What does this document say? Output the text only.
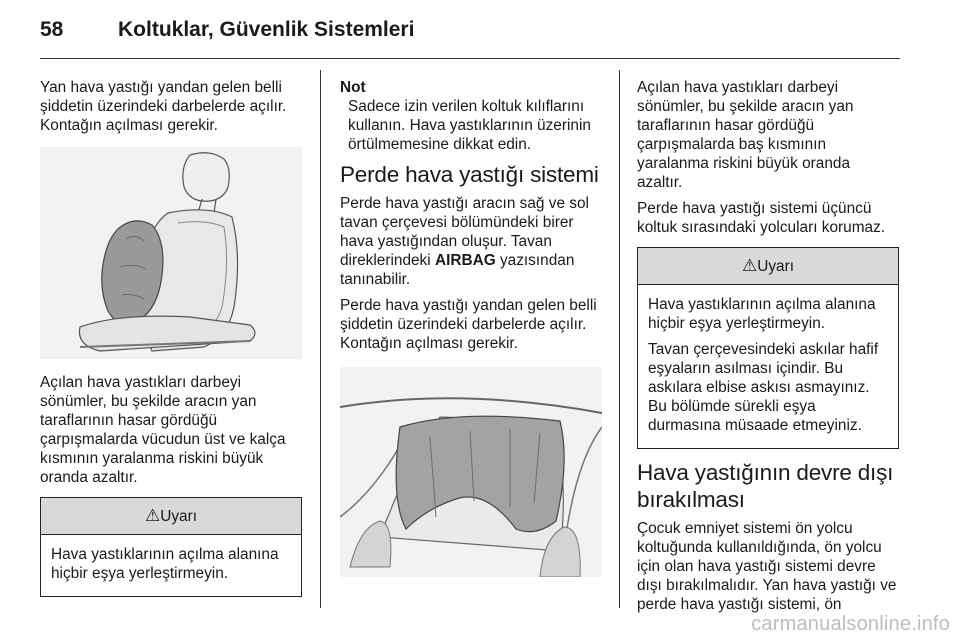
58	Koltuklar, Güvenlik Sistemleri

Yan hava yastığı yandan gelen belli şiddetin üzerindeki darbelerde açılır. Kontağın açılması gerekir.

Açılan hava yastıkları darbeyi sönümler, bu şekilde aracın yan taraflarının hasar gördüğü çarpışmalarda vücudun üst ve kalça kısmının yaralanma riskini büyük oranda azaltır.

⚠Uyarı

Hava yastıklarının açılma alanına hiçbir eşya yerleştirmeyin.

Not

Sadece izin verilen koltuk kılıflarını kullanın. Hava yastıklarının üzerinin örtülmemesine dikkat edin.

Perde hava yastığı sistemi

Perde hava yastığı aracın sağ ve sol tavan çerçevesi bölümündeki birer hava yastığından oluşur. Tavan direklerindeki AIRBAG yazısından tanınabilir.

Perde hava yastığı yandan gelen belli şiddetin üzerindeki darbelerde açılır. Kontağın açılması gerekir.

Açılan hava yastıkları darbeyi sönümler, bu şekilde aracın yan taraflarının hasar gördüğü çarpışmalarda baş kısmının yaralanma riskini büyük oranda azaltır.

Perde hava yastığı sistemi üçüncü koltuk sırasındaki yolcuları korumaz.

⚠Uyarı

Hava yastıklarının açılma alanına hiçbir eşya yerleştirmeyin.

Tavan çerçevesindeki askılar hafif eşyaların asılması içindir. Bu askılara elbise askısı asmayınız. Bu bölümde sürekli eşya durmasına müsaade etmeyiniz.

Hava yastığının devre dışı bırakılması

Çocuk emniyet sistemi ön yolcu koltuğunda kullanıldığında, ön yolcu için olan hava yastığı sistemi devre dışı bırakılmalıdır. Yan hava yastığı ve perde hava yastığı sistemi, ön

carmanualsonline.info
